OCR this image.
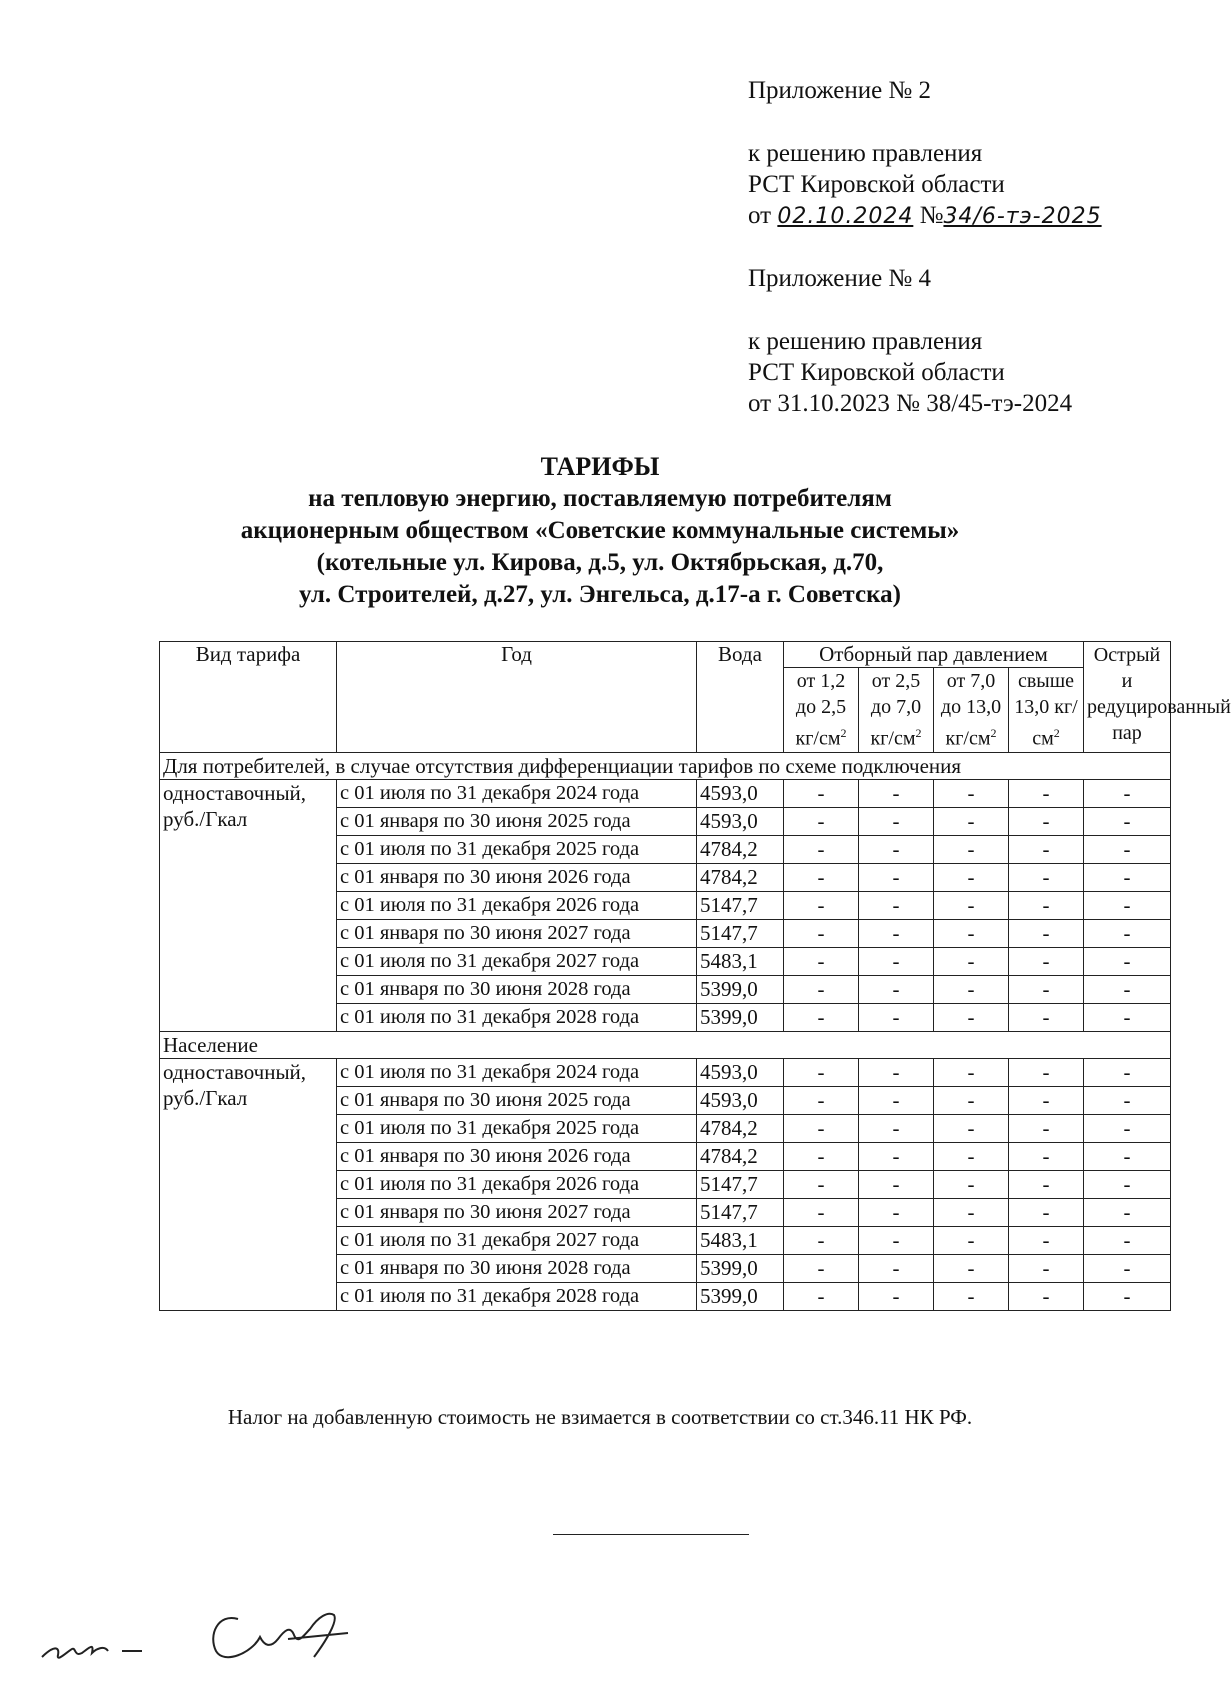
Приложение № 2
к решению правления
РСТ Кировской области
от 02.10.2024 №34/6-тэ-2025
Приложение № 4
к решению правления
РСТ Кировской области
от 31.10.2023 № 38/45-тэ-2024
ТАРИФЫ
на тепловую энергию, поставляемую потребителям
акционерным обществом «Советские коммунальные системы»
(котельные ул. Кирова, д.5, ул. Октябрьская, д.70,
ул. Строителей, д.27, ул. Энгельса, д.17-а г. Советска)
Вид тарифа	Год	Вода	Отборный пар давлением				Острый и редуцированный пар
			от 1,2 до 2,5 $кг/см^2$	от 2,5 до 7,0 $кг/см^2$	от 7,0 до 13,0 $кг/см^2$	свыше 13,0 $кг/см^2$
Для потребителей, в случае отсутствия дифференциации тарифов по схеме подключения							
одноставочный, руб./Гкал	с 01 июля по 31 декабря 2024 года	4593,0	-	-	-	-	-
	с 01 января по 30 июня 2025 года	4593,0	-	-	-	-	-
	с 01 июля по 31 декабря 2025 года	4784,2	-	-	-	-	-
	с 01 января по 30 июня 2026 года	4784,2	-	-	-	-	-
	с 01 июля по 31 декабря 2026 года	5147,7	-	-	-	-	-
	с 01 января по 30 июня 2027 года	5147,7	-	-	-	-	-
	с 01 июля по 31 декабря 2027 года	5483,1	-	-	-	-	-
	с 01 января по 30 июня 2028 года	5399,0	-	-	-	-	-
	с 01 июля по 31 декабря 2028 года	5399,0	-	-	-	-	-
Население							
одноставочный, руб./Гкал	с 01 июля по 31 декабря 2024 года	4593,0	-	-	-	-	-
	с 01 января по 30 июня 2025 года	4593,0	-	-	-	-	-
	с 01 июля по 31 декабря 2025 года	4784,2	-	-	-	-	-
	с 01 января по 30 июня 2026 года	4784,2	-	-	-	-	-
	с 01 июля по 31 декабря 2026 года	5147,7	-	-	-	-	-
	с 01 января по 30 июня 2027 года	5147,7	-	-	-	-	-
	с 01 июля по 31 декабря 2027 года	5483,1	-	-	-	-	-
	с 01 января по 30 июня 2028 года	5399,0	-	-	-	-	-
	с 01 июля по 31 декабря 2028 года	5399,0	-	-	-	-	-
Налог на добавленную стоимость не взимается в соответствии со ст.346.11 НК РФ.
